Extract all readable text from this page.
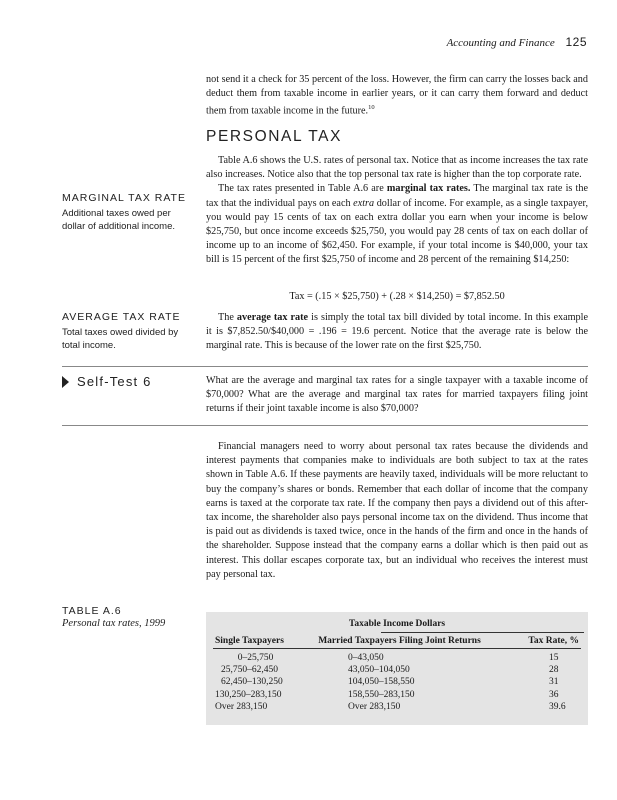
Accounting and Finance 125

not send it a check for 35 percent of the loss. However, the firm can carry the losses back and deduct them from taxable income in earlier years, or it can carry them forward and deduct them from taxable income in the future.$^{10}$

PERSONAL TAX

Table A.6 shows the U.S. rates of personal tax. Notice that as income increases the tax rate also increases. Notice also that the top personal tax rate is higher than the top corporate rate.

The tax rates presented in Table A.6 are marginal tax rates. The marginal tax rate is the tax that the individual pays on each extra dollar of income. For example, as a single taxpayer, you would pay 15 cents of tax on each extra dollar you earn when your income is below $25,750, but once income exceeds $25,750, you would pay 28 cents of tax on each dollar of income up to an income of $62,450. For example, if your total income is $40,000, your tax bill is 15 percent of the first $25,750 of income and 28 percent of the remaining $14,250:

Tax = (.15 × $25,750) + (.28 × $14,250) = $7,852.50

The average tax rate is simply the total tax bill divided by total income. In this example it is $7,852.50/$40,000 = .196 = 19.6 percent. Notice that the average rate is below the marginal rate. This is because of the lower rate on the first $25,750.

MARGINAL TAX RATE
Additional taxes owed per dollar of additional income.
AVERAGE TAX RATE
Total taxes owed divided by total income.
Self-Test 6	What are the average and marginal tax rates for a single taxpayer with a taxable income of $70,000? What are the average and marginal tax rates for married taxpayers filing joint returns if their joint taxable income is also $70,000?

Financial managers need to worry about personal tax rates because the dividends and interest payments that companies make to individuals are both subject to tax at the rates shown in Table A.6. If these payments are heavily taxed, individuals will be more reluctant to buy the company’s shares or bonds. Remember that each dollar of income that the company earns is taxed at the corporate tax rate. If the company then pays a dividend out of this after-tax income, the shareholder also pays personal income tax on the dividend. Thus income that is paid out as dividends is taxed twice, once in the hands of the firm and once in the hands of the shareholder. Suppose instead that the company earns a dollar which is then paid out as interest. This dollar escapes corporate tax, but an individual who receives the interest must pay personal tax.

TABLE A.6
Personal tax rates, 1999	Taxable Income Dollars
Single Taxpayers	Married Taxpayers Filing Joint Returns	Tax Rate, %
0–25,750	0–43,050	15
25,750–62,450	43,050–104,050	28
62,450–130,250	104,050–158,550	31
130,250–283,150	158,550–283,150	36
Over 283,150	Over 283,150	39.6
